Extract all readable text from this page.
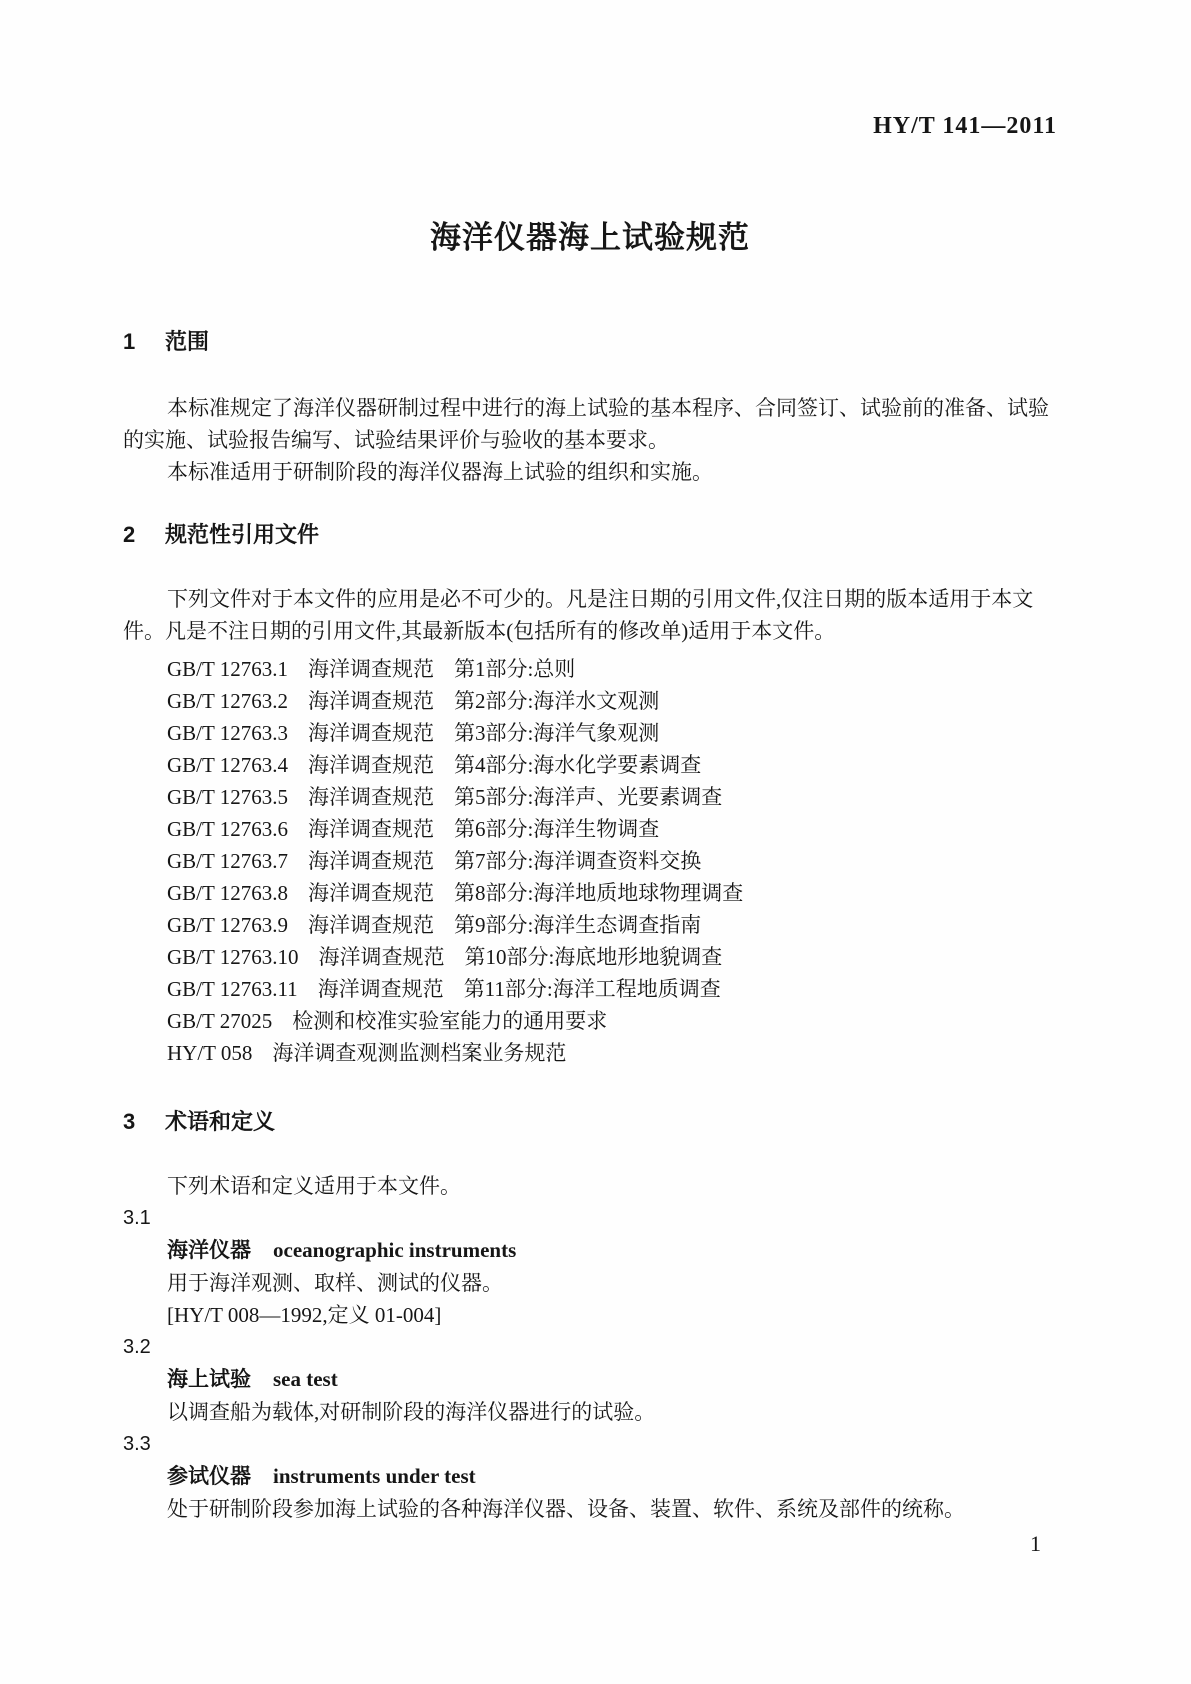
HY/T 141—2011
海洋仪器海上试验规范
1 范围

本标准规定了海洋仪器研制过程中进行的海上试验的基本程序、合同签订、试验前的准备、试验的实施、试验报告编写、试验结果评价与验收的基本要求。

本标准适用于研制阶段的海洋仪器海上试验的组织和实施。

2 规范性引用文件

下列文件对于本文件的应用是必不可少的。凡是注日期的引用文件,仅注日期的版本适用于本文件。凡是不注日期的引用文件,其最新版本(包括所有的修改单)适用于本文件。

GB/T 12763.1 海洋调查规范 第1部分:总则
GB/T 12763.2 海洋调查规范 第2部分:海洋水文观测
GB/T 12763.3 海洋调查规范 第3部分:海洋气象观测
GB/T 12763.4 海洋调查规范 第4部分:海水化学要素调查
GB/T 12763.5 海洋调查规范 第5部分:海洋声、光要素调查
GB/T 12763.6 海洋调查规范 第6部分:海洋生物调查
GB/T 12763.7 海洋调查规范 第7部分:海洋调查资料交换
GB/T 12763.8 海洋调查规范 第8部分:海洋地质地球物理调查
GB/T 12763.9 海洋调查规范 第9部分:海洋生态调查指南
GB/T 12763.10 海洋调查规范 第10部分:海底地形地貌调查
GB/T 12763.11 海洋调查规范 第11部分:海洋工程地质调查
GB/T 27025 检测和校准实验室能力的通用要求
HY/T 058 海洋调查观测监测档案业务规范
3 术语和定义

下列术语和定义适用于本文件。

3.1
海洋仪器 oceanographic instruments
用于海洋观测、取样、测试的仪器。
[HY/T 008—1992,定义 01-004]
3.2
海上试验 sea test
以调查船为载体,对研制阶段的海洋仪器进行的试验。
3.3
参试仪器 instruments under test
处于研制阶段参加海上试验的各种海洋仪器、设备、装置、软件、系统及部件的统称。
1
